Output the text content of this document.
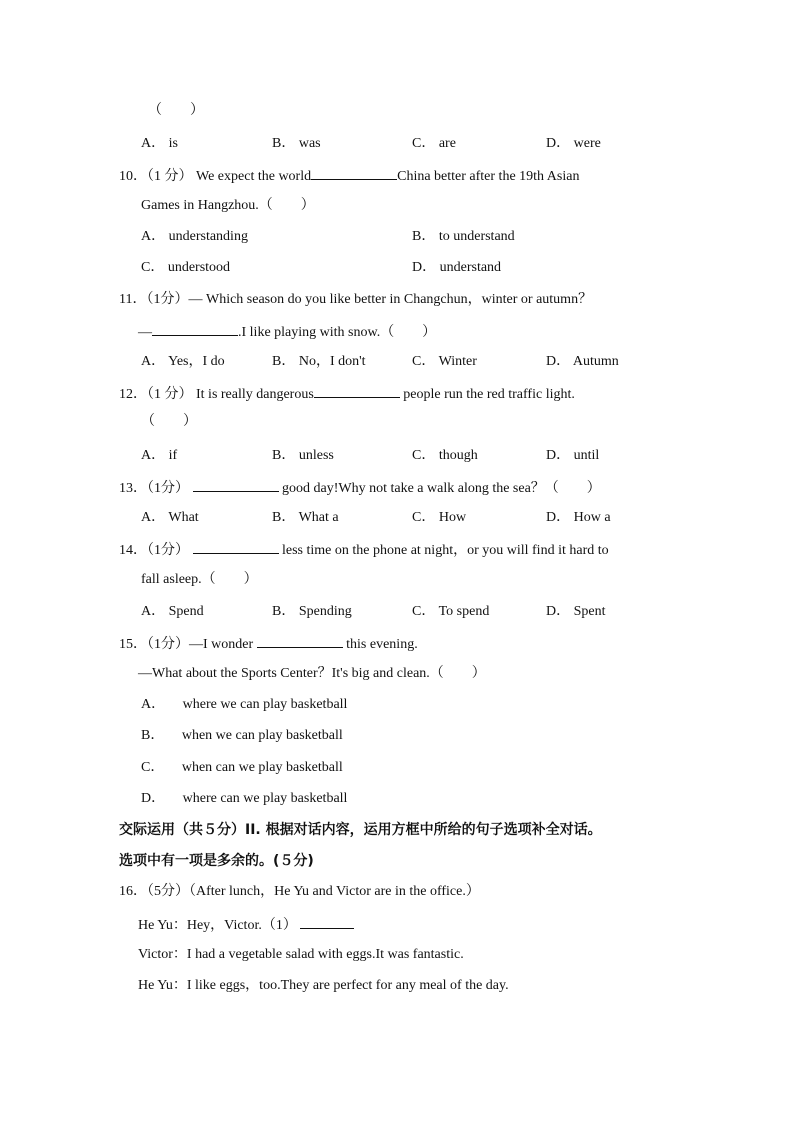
（　　）
A． is	B． was	C． are	D． were
10．（1 分） We expect the world	China better after the 19th Asian
Games in Hangzhou.（　　）
A． understanding	B． to understand
C． understood	D． understand
11．（1分）— Which season do you like better in Changchun，winter or autumn？
—	.I like playing with snow.（　　）
A． Yes，I do	B． No，I don't	C． Winter	D． Autumn
12．（1 分） It is really dangerous	people run the red traffic light.
（　　）
A． if	B． unless	C． though	D． until
13．（1分）	good day!Why not take a walk along the sea？（　　）
A． What	B． What a	C． How	D． How a
14．（1分）	less time on the phone at night，or you will find it hard to
fall asleep.（　　）
A． Spend	B． Spending	C． To spend	D． Spent
15．（1分）—I wonder	this evening.
—What about the Sports Center？It's big and clean.（　　）
A． where we can play basketball
B． when we can play basketball
C． when can we play basketball
D． where can we play basketball
交际运用（共５分）II. 根据对话内容，运用方框中所给的句子选项补全对话。
选项中有一项是多余的。(５分)
16．（5分）（After lunch，He Yu and Victor are in the office.）
He Yu：Hey，Victor.（1）
Victor：I had a vegetable salad with eggs.It was fantastic.
He Yu：I like eggs，too.They are perfect for any meal of the day.
